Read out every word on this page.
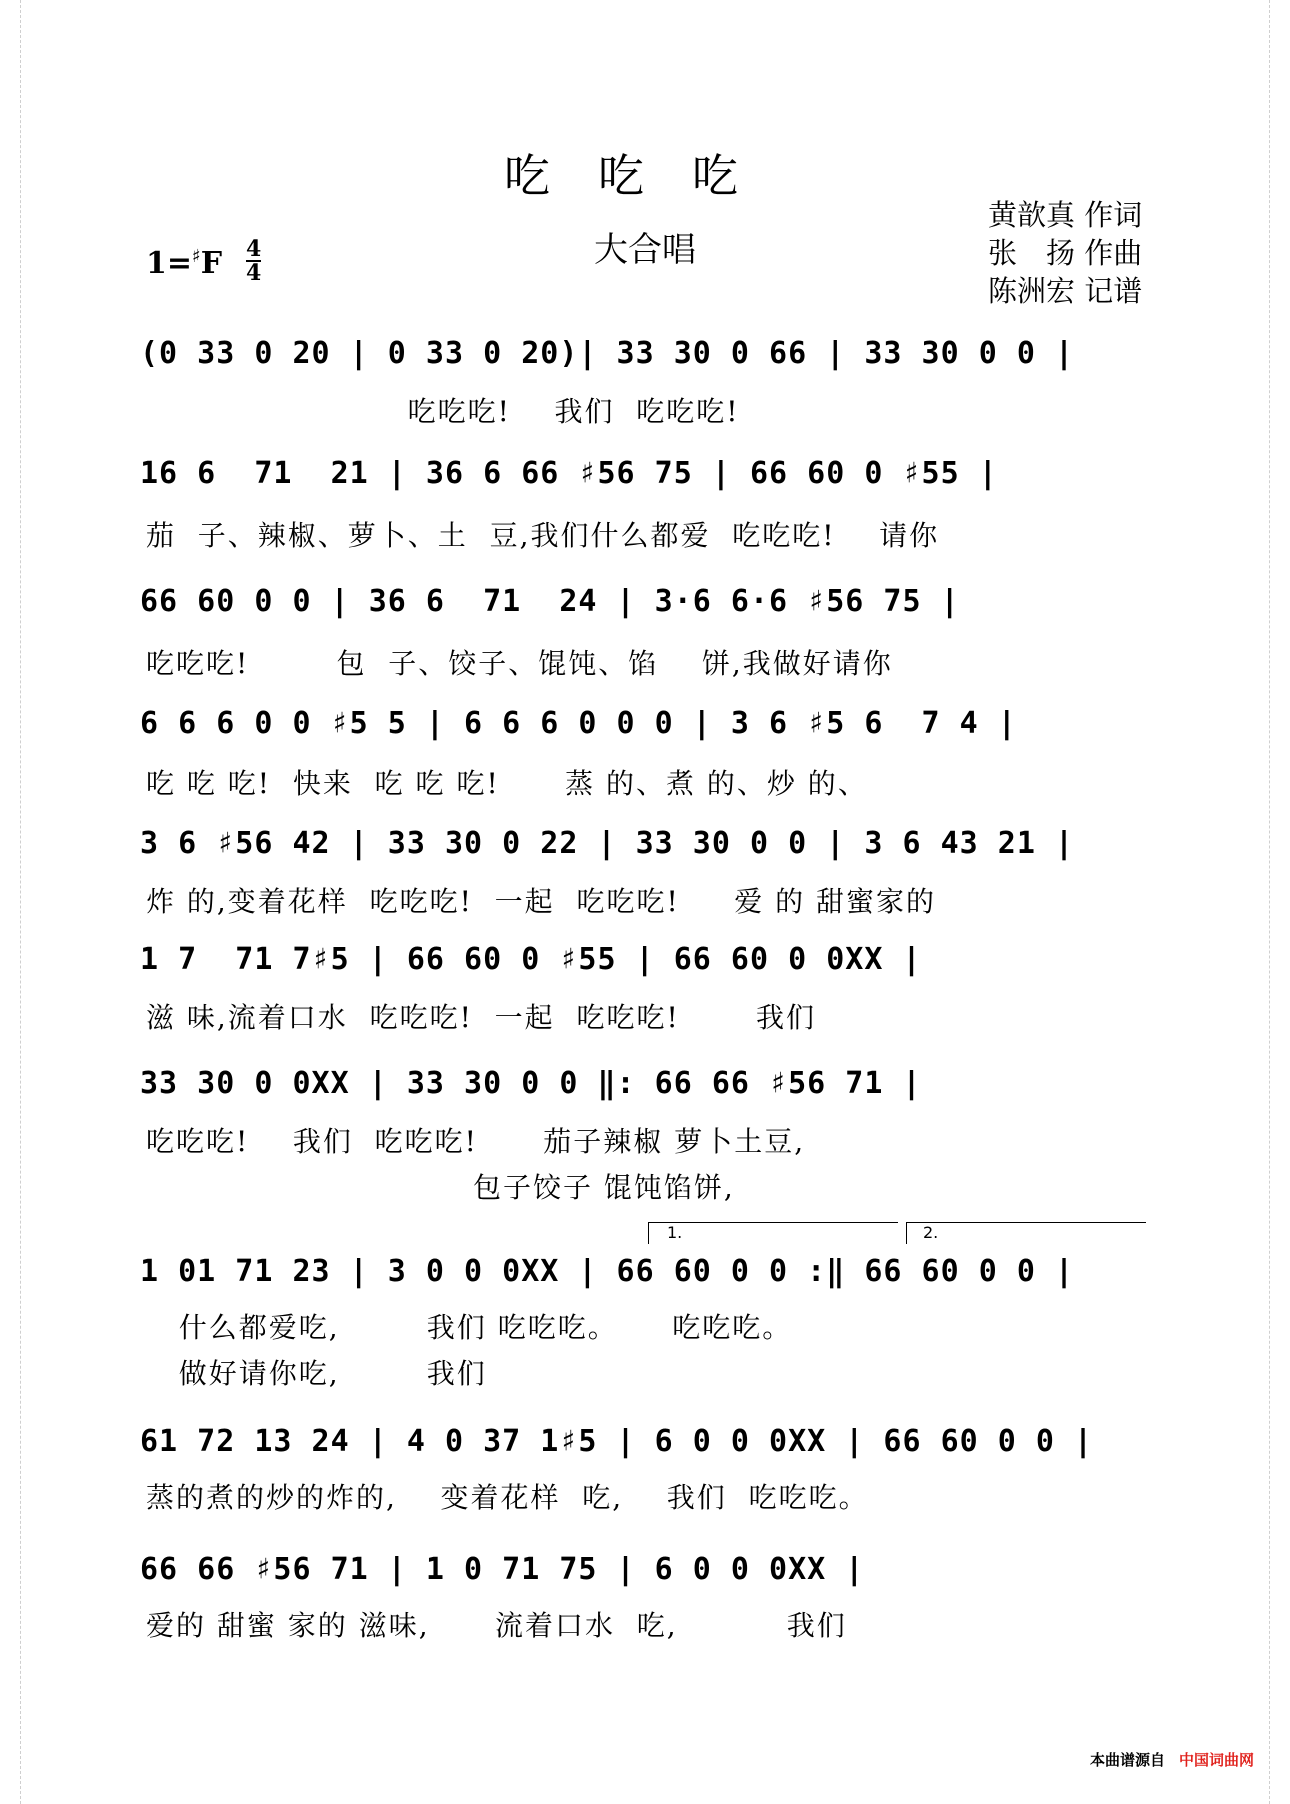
吃吃吃
大合唱
黄歆真 作词
张　扬 作曲
陈洲宏 记谱
$1=^♯F \frac{4}{4}$
(0 33 0 20 | 0 33 0 20)| 33 30 0 66 | 33 30 0 0 |
吃吃吃!    我们  吃吃吃!
16 6  71  21 | 36 6 66 ♯56 75 | 66 60 0 ♯55 |
茄  子、辣椒、萝卜、土  豆,我们什么都爱  吃吃吃!    请你
66 60 0 0 | 36 6  71  24 | 3·6 6·6 ♯56 75 |
吃吃吃!        包  子、饺子、馄饨、馅    饼,我做好请你
6 6 6 0 0 ♯5 5 | 6 6 6 0 0 0 | 3 6 ♯5 6  7 4 |
吃 吃 吃!  快来  吃 吃 吃!      蒸 的、煮 的、炒 的、
3 6 ♯56 42 | 33 30 0 22 | 33 30 0 0 | 3 6 43 21 |
炸 的,变着花样  吃吃吃!  一起  吃吃吃!     爱 的 甜蜜家的
1 7  71 7♯5 | 66 60 0 ♯55 | 66 60 0 0XX |
滋 味,流着口水  吃吃吃!  一起  吃吃吃!       我们
33 30 0 0XX | 33 30 0 0 ‖: 66 66 ♯56 71 |
吃吃吃!    我们  吃吃吃!      茄子辣椒 萝卜土豆,
包子饺子 馄饨馅饼,
1.	2.
1 01 71 23 | 3 0 0 0XX | 66 60 0 0 :‖ 66 60 0 0 |
什么都爱吃,        我们 吃吃吃。     吃吃吃。
做好请你吃,        我们
61 72 13 24 | 4 0 37 1♯5 | 6 0 0 0XX | 66 60 0 0 |
蒸的煮的炒的炸的,    变着花样  吃,    我们  吃吃吃。
66 66 ♯56 71 | 1 0 71 75 | 6 0 0 0XX |
爱的 甜蜜 家的 滋味,      流着口水  吃,          我们
本曲谱源自 中国词曲网
